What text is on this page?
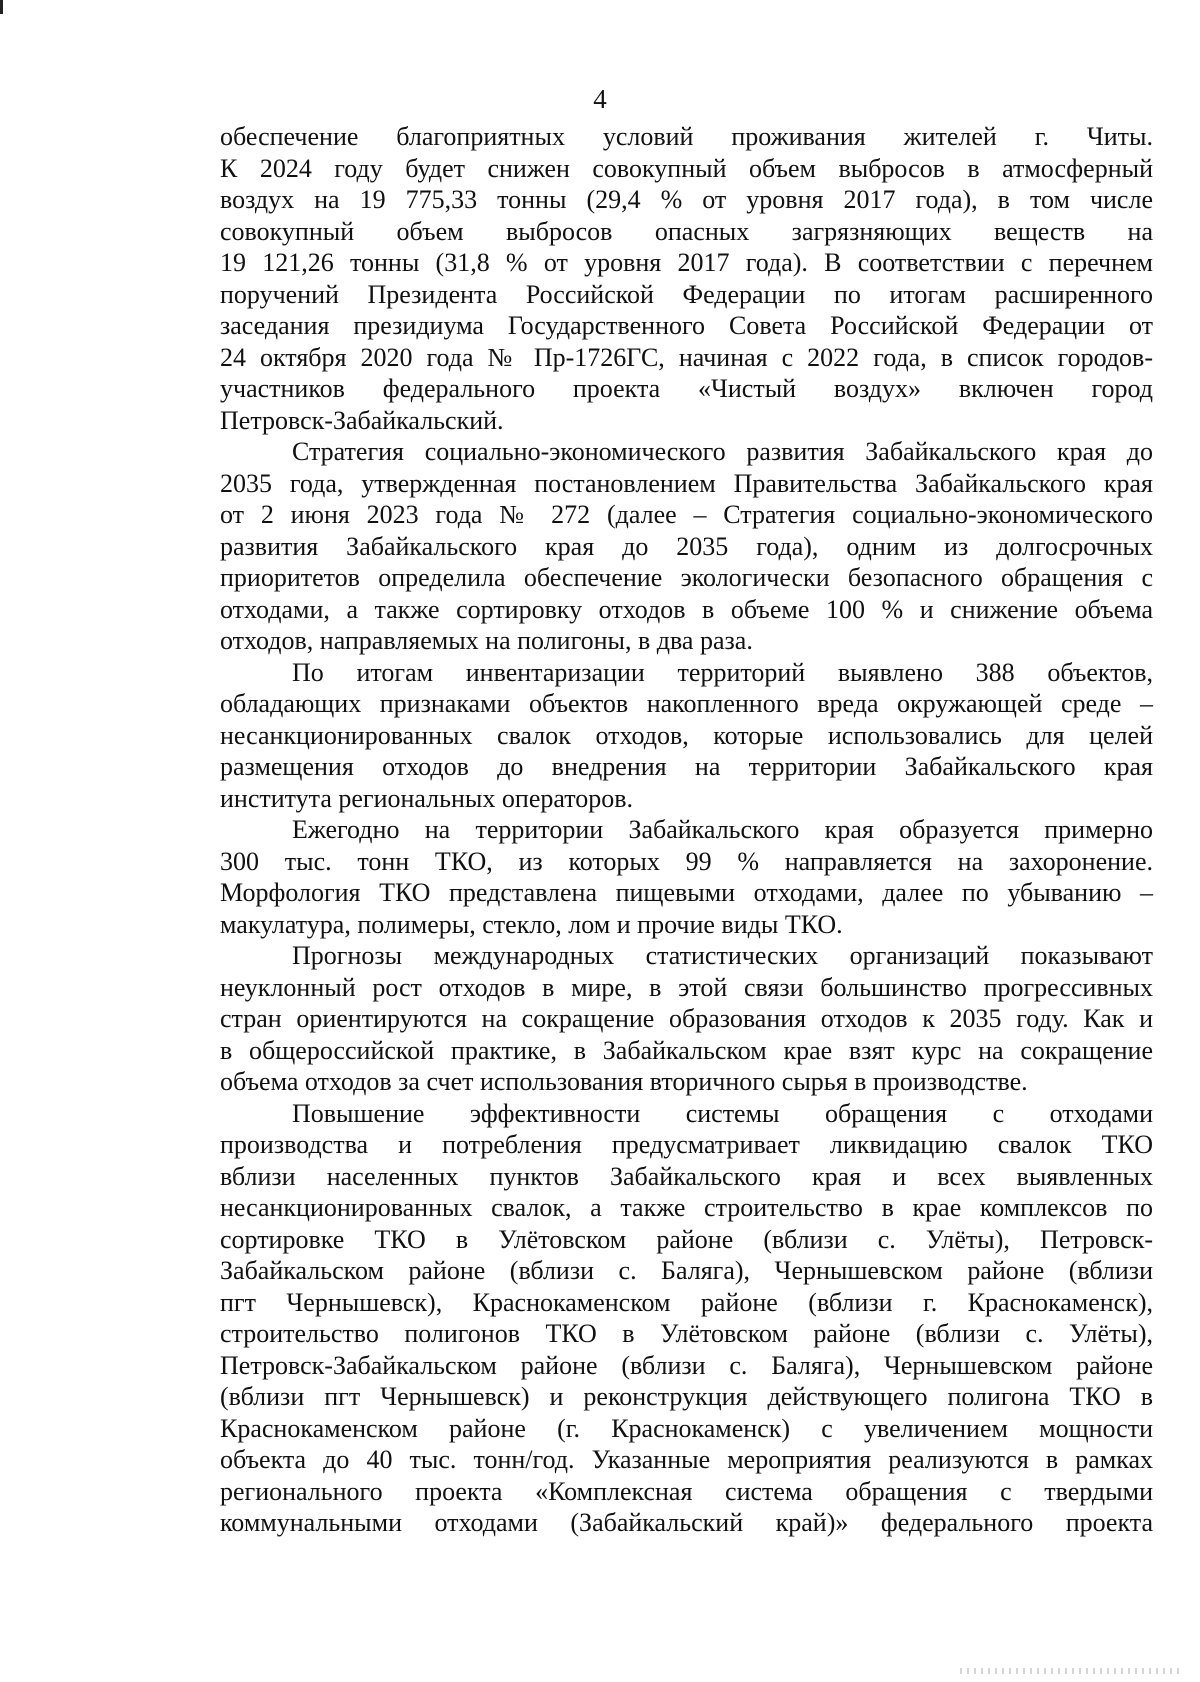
4
обеспечение благоприятных условий проживания жителей г. Читы.
К 2024 году будет снижен совокупный объем выбросов в атмосферный
воздух на 19 775,33 тонны (29,4 % от уровня 2017 года), в том числе
совокупный объем выбросов опасных загрязняющих веществ на
19 121,26 тонны (31,8 % от уровня 2017 года). В соответствии с перечнем
поручений Президента Российской Федерации по итогам расширенного
заседания президиума Государственного Совета Российской Федерации от
24 октября 2020 года № Пр-1726ГС, начиная с 2022 года, в список городов-
участников федерального проекта «Чистый воздух» включен город
Петровск-Забайкальский.
Стратегия социально-экономического развития Забайкальского края до
2035 года, утвержденная постановлением Правительства Забайкальского края
от 2 июня 2023 года № 272 (далее – Стратегия социально-экономического
развития Забайкальского края до 2035 года), одним из долгосрочных
приоритетов определила обеспечение экологически безопасного обращения с
отходами, а также сортировку отходов в объеме 100 % и снижение объема
отходов, направляемых на полигоны, в два раза.
По итогам инвентаризации территорий выявлено 388 объектов,
обладающих признаками объектов накопленного вреда окружающей среде –
несанкционированных свалок отходов, которые использовались для целей
размещения отходов до внедрения на территории Забайкальского края
института региональных операторов.
Ежегодно на территории Забайкальского края образуется примерно
300 тыс. тонн ТКО, из которых 99 % направляется на захоронение.
Морфология ТКО представлена пищевыми отходами, далее по убыванию –
макулатура, полимеры, стекло, лом и прочие виды ТКО.
Прогнозы международных статистических организаций показывают
неуклонный рост отходов в мире, в этой связи большинство прогрессивных
стран ориентируются на сокращение образования отходов к 2035 году. Как и
в общероссийской практике, в Забайкальском крае взят курс на сокращение
объема отходов за счет использования вторичного сырья в производстве.
Повышение эффективности системы обращения с отходами
производства и потребления предусматривает ликвидацию свалок ТКО
вблизи населенных пунктов Забайкальского края и всех выявленных
несанкционированных свалок, а также строительство в крае комплексов по
сортировке ТКО в Улётовском районе (вблизи с. Улёты), Петровск-
Забайкальском районе (вблизи с. Баляга), Чернышевском районе (вблизи
пгт Чернышевск), Краснокаменском районе (вблизи г. Краснокаменск),
строительство полигонов ТКО в Улётовском районе (вблизи с. Улёты),
Петровск-Забайкальском районе (вблизи с. Баляга), Чернышевском районе
(вблизи пгт Чернышевск) и реконструкция действующего полигона ТКО в
Краснокаменском районе (г. Краснокаменск) с увеличением мощности
объекта до 40 тыс. тонн/год. Указанные мероприятия реализуются в рамках
регионального проекта «Комплексная система обращения с твердыми
коммунальными отходами (Забайкальский край)» федерального проекта
